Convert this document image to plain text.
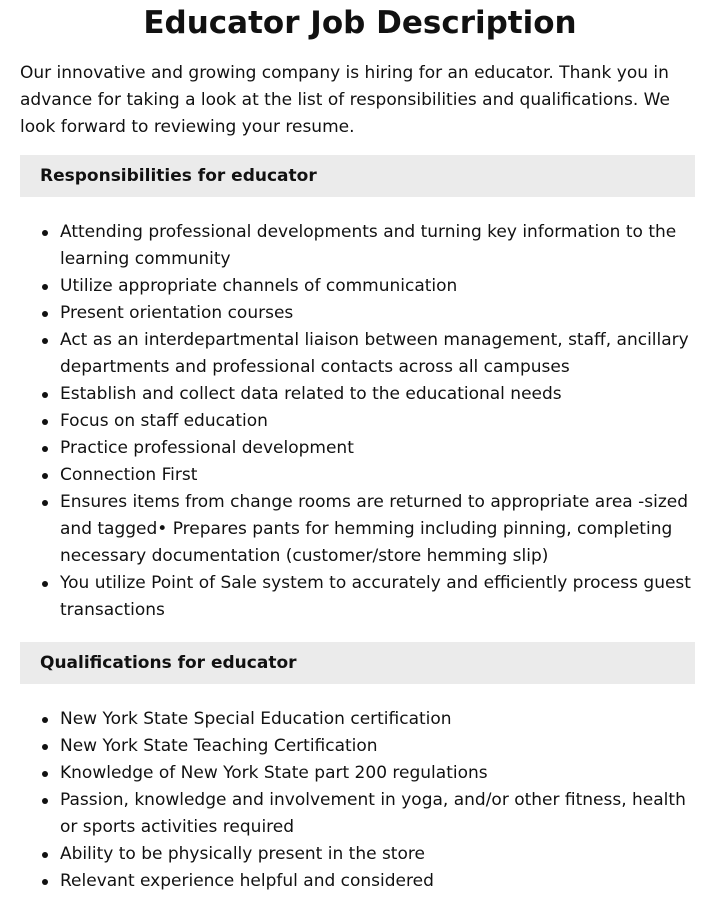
Educator Job Description

Our innovative and growing company is hiring for an educator. Thank you in advance for taking a look at the list of responsibilities and qualifications. We look forward to reviewing your resume.

Responsibilities for educator
Attending professional developments and turning key information to the learning community
Utilize appropriate channels of communication
Present orientation courses
Act as an interdepartmental liaison between management, staff, ancillary departments and professional contacts across all campuses
Establish and collect data related to the educational needs
Focus on staff education
Practice professional development
Connection First
Ensures items from change rooms are returned to appropriate area -sized and tagged• Prepares pants for hemming including pinning, completing necessary documentation (customer/store hemming slip)
You utilize Point of Sale system to accurately and efficiently process guest transactions
Qualifications for educator
New York State Special Education certification
New York State Teaching Certification
Knowledge of New York State part 200 regulations
Passion, knowledge and involvement in yoga, and/or other fitness, health or sports activities required
Ability to be physically present in the store
Relevant experience helpful and considered
